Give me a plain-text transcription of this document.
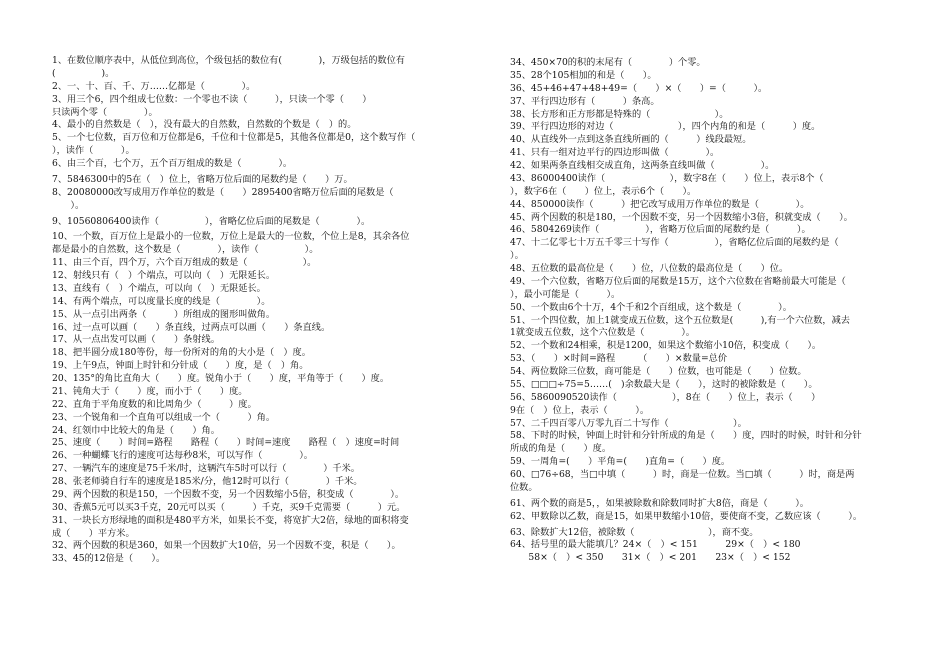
1、在数位顺序表中，从低位到高位，个级包括的数位有(　　　　)，万级包括的数位有
(　　　　　)。
2、一、十、百、千、万……亿都是（　　　　）。
3、用三个6，四个组成七位数：一个零也不读（　　　），只读一个零（　　）
只读两个零（　　　　）。
4、最小的自然数是（　），没有最大的自然数，自然数的个数是（　）的。
5、一个七位数，百万位和万位都是6，千位和十位都是5，其他各位都是0，这个数写作（
），读作（　　　）。
6、由三个百，七个万，五个百万组成的数是（　　　　）。
7、5846300中的5在（　）位上，省略万位后面的尾数约是（　　）万。
8、20080000改写成用万作单位的数是（　　）2895400省略万位后面的尾数是（
　　）。
9、10560806400读作（　　　　　），省略亿位后面的尾数是（　　　　）。
10、一个数，百万位上是最小的一位数，万位上是最大的一位数，个位上是8，其余各位
都是最小的自然数，这个数是（　　　　），读作（　　　　　）。
11、由三个百，四个万，六个百万组成的数是（　　　　　　）。
12、射线只有（　）个端点，可以向（　）无限延长。
13、直线有（　）个端点，可以向（　）无限延长。
14、有两个端点，可以度量长度的线是（　　　　）。
15、从一点引出两条（　　　）所组成的图形叫做角。
16、过一点可以画（　　）条直线，过两点可以画（　　）条直线。
17、从一点出发可以画（　　）条射线。
18、把半圆分成180等份，每一份所对的角的大小是（　）度。
19、上午9点，钟面上时针和分针成（　　）度，是（　）角。
20、135°的角比直角大（　　）度。锐角小于（　　）度，平角等于（　　）度。
21、钝角大于（　　）度，而小于（　　）度。
22、直角于平角度数的和比周角少（　　　）度。
23、一个锐角和一个直角可以组成一个（　　　）角。
24、红领巾中比较大的角是（　　）角。
25、速度（　　）时间=路程　　路程（　　）时间=速度　　路程（　）速度=时间
26、一种蝴蝶飞行的速度可达每秒8米，可以写作（　　　　）。
27、一辆汽车的速度是75千米/时，这辆汽车5时可以行（　　　　）千米。
28、张老师骑自行车的速度是185米/分，他12时可以行（　　　　）千米。
29、两个因数的积是150，一个因数不变，另一个因数缩小5倍，积变成（　　　　）。
30、香蕉5元可以买3千克，20元可以买（　　　）千克，买9千克需要（　　　）元。
31、一块长方形绿地的面积是480平方米，如果长不变，将宽扩大2倍，绿地的面积将变
成（　　）平方米。
32、两个因数的积是360，如果一个因数扩大10倍，另一个因数不变，积是（　　）。
33、45的12倍是（　　）。
34、450×70的积的末尾有（　　　　）个零。
35、28个105相加的和是（　　）。
36、45+46+47+48+49=（　　）×（　　）=（　　　）。
37、平行四边形有（　　　）条高。
38、长方形和正方形都是特殊的（　　　　　　　）。
39、平行四边形的对边（　　　　　　　），四个内角的和是（　　　）度。
40、从直线外一点到这条直线所画的（　　　）线段最短。
41、只有一组对边平行的四边形叫做（　　　　）。
42、如果两条直线相交成直角，这两条直线叫做（　　　　　）。
43、86000400读作（　　　　　　　），数字8在（　　）位上，表示8个（
），数字6在（　　）位上，表示6个（　　）。
44、850000读作（　　　）把它改写成用万作单位的数是（　　　　）。
45、两个因数的积是180，一个因数不变，另一个因数缩小3倍，积就变成（　　）。
46、5804269读作（　　　　　），省略万位后面的尾数约是（　　　）。
47、十二亿零七十万五千零三十写作（　　　　　），省略亿位后面的尾数约是（
）。
48、五位数的最高位是（　　）位，八位数的最高位是（　　）位。
49、一个六位数，省略万位后面的尾数是15万，这个六位数在省略前最大可能是（
），最小可能是（　　　）。
50、一个数由6个十万，4个千和2个百组成，这个数是（　　　　）。
51、一个四位数，加上1就变成五位数，这个五位数是(　　　),有一个六位数，减去
1就变成五位数，这个六位数是（　　　　）。
52、一个数和24相乘，积是1200，如果这个数缩小10倍，积变成（　　）。
53、（　　）×时间=路程　　　（　　）×数量=总价
54、两位数除三位数，商可能是（　　）位数，也可能是（　　）位数。
55、□□□÷75=5……(　)余数最大是（　　），这时的被除数是（　　）。
56、5860090520读作（　　　　　　），8在（　　）位上，表示（　　）
9在（　）位上，表示（　　　）。
57、二千四百零八万零九百二十写作（　　　　　　　）。
58、下时的时候，钟面上时针和分针所成的角是（　　）度，四时的时候，时针和分针
所成的角是（　　）度。
59、一周角=(　　）平角=(　　)直角=（　　）度。
60、□76÷68，当□中填（　　　）时，商是一位数。当□填（　　　）时，商是两
位数。
61、两个数的商是5，，如果被除数和除数同时扩大8倍，商是（　　　）。
62、甲数除以乙数，商是15，如果甲数缩小10倍，要使商不变，乙数应该（　　　）。
63、除数扩大12倍，被除数（　　　　　　　　），商不变。
64、括号里的最大能填几？24×（　）< 151　　　29×（　）< 180
　　58×（　）< 350　　31×（　）< 201　　23×（　）< 152
